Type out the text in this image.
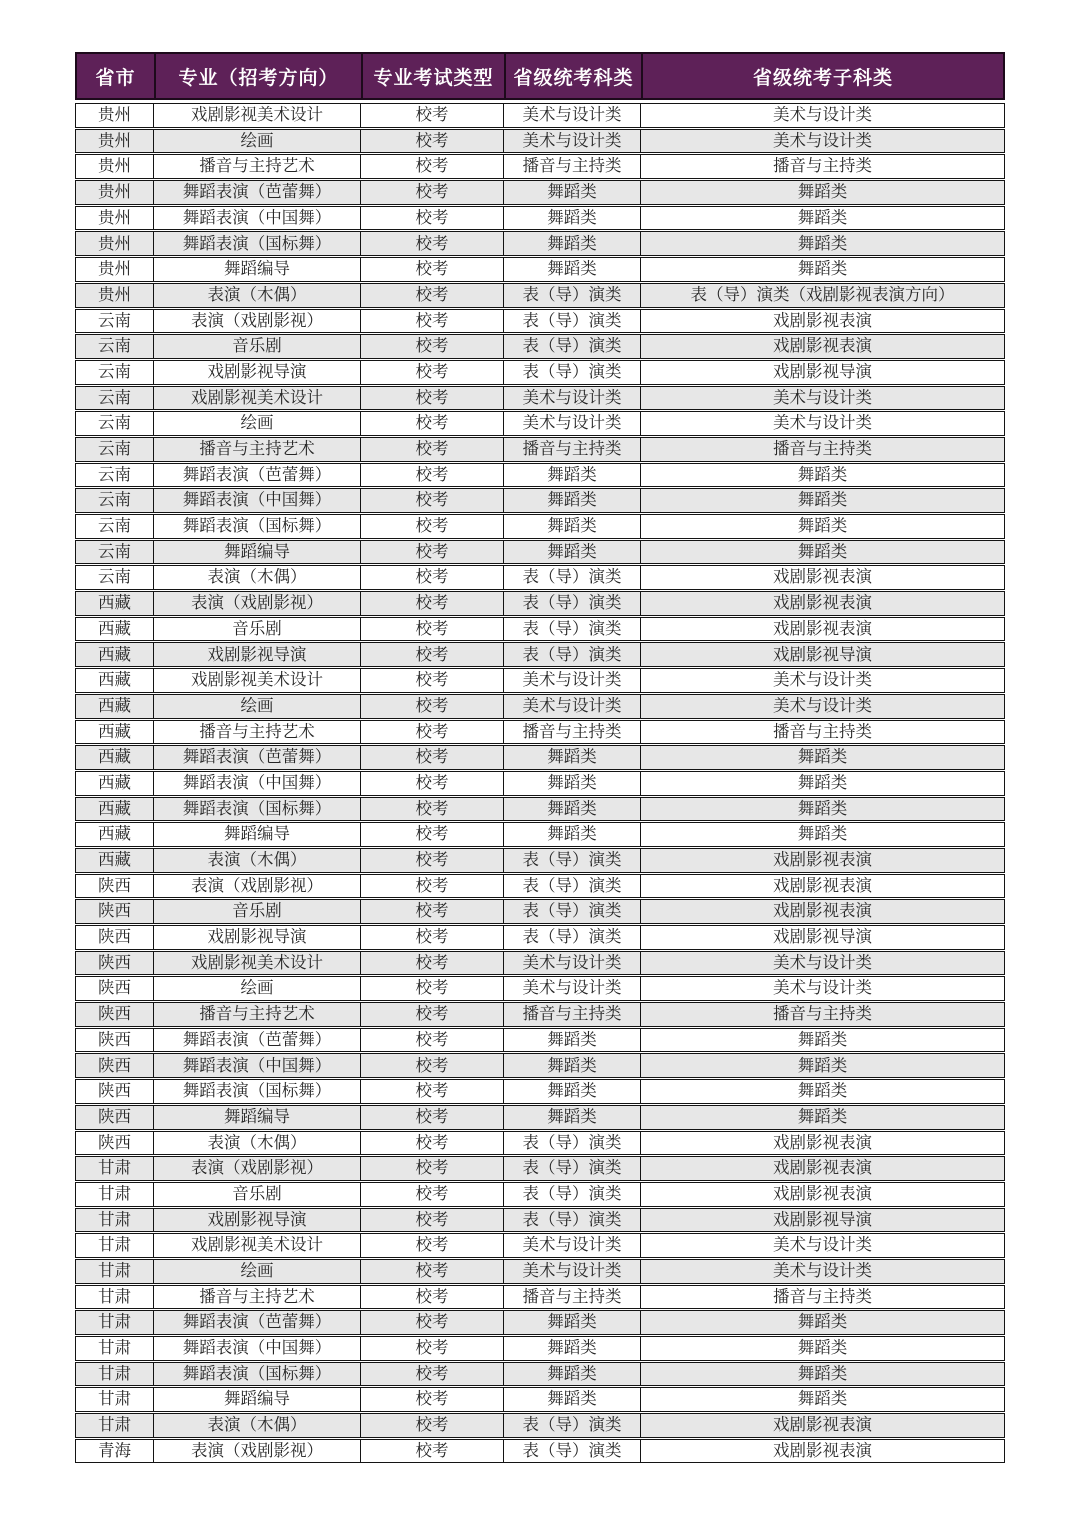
省市	专业（招考方向）	专业考试类型	省级统考科类	省级统考子科类
贵州	戏剧影视美术设计	校考	美术与设计类	美术与设计类
贵州	绘画	校考	美术与设计类	美术与设计类
贵州	播音与主持艺术	校考	播音与主持类	播音与主持类
贵州	舞蹈表演（芭蕾舞）	校考	舞蹈类	舞蹈类
贵州	舞蹈表演（中国舞）	校考	舞蹈类	舞蹈类
贵州	舞蹈表演（国标舞）	校考	舞蹈类	舞蹈类
贵州	舞蹈编导	校考	舞蹈类	舞蹈类
贵州	表演（木偶）	校考	表（导）演类	表（导）演类（戏剧影视表演方向）
云南	表演（戏剧影视）	校考	表（导）演类	戏剧影视表演
云南	音乐剧	校考	表（导）演类	戏剧影视表演
云南	戏剧影视导演	校考	表（导）演类	戏剧影视导演
云南	戏剧影视美术设计	校考	美术与设计类	美术与设计类
云南	绘画	校考	美术与设计类	美术与设计类
云南	播音与主持艺术	校考	播音与主持类	播音与主持类
云南	舞蹈表演（芭蕾舞）	校考	舞蹈类	舞蹈类
云南	舞蹈表演（中国舞）	校考	舞蹈类	舞蹈类
云南	舞蹈表演（国标舞）	校考	舞蹈类	舞蹈类
云南	舞蹈编导	校考	舞蹈类	舞蹈类
云南	表演（木偶）	校考	表（导）演类	戏剧影视表演
西藏	表演（戏剧影视）	校考	表（导）演类	戏剧影视表演
西藏	音乐剧	校考	表（导）演类	戏剧影视表演
西藏	戏剧影视导演	校考	表（导）演类	戏剧影视导演
西藏	戏剧影视美术设计	校考	美术与设计类	美术与设计类
西藏	绘画	校考	美术与设计类	美术与设计类
西藏	播音与主持艺术	校考	播音与主持类	播音与主持类
西藏	舞蹈表演（芭蕾舞）	校考	舞蹈类	舞蹈类
西藏	舞蹈表演（中国舞）	校考	舞蹈类	舞蹈类
西藏	舞蹈表演（国标舞）	校考	舞蹈类	舞蹈类
西藏	舞蹈编导	校考	舞蹈类	舞蹈类
西藏	表演（木偶）	校考	表（导）演类	戏剧影视表演
陕西	表演（戏剧影视）	校考	表（导）演类	戏剧影视表演
陕西	音乐剧	校考	表（导）演类	戏剧影视表演
陕西	戏剧影视导演	校考	表（导）演类	戏剧影视导演
陕西	戏剧影视美术设计	校考	美术与设计类	美术与设计类
陕西	绘画	校考	美术与设计类	美术与设计类
陕西	播音与主持艺术	校考	播音与主持类	播音与主持类
陕西	舞蹈表演（芭蕾舞）	校考	舞蹈类	舞蹈类
陕西	舞蹈表演（中国舞）	校考	舞蹈类	舞蹈类
陕西	舞蹈表演（国标舞）	校考	舞蹈类	舞蹈类
陕西	舞蹈编导	校考	舞蹈类	舞蹈类
陕西	表演（木偶）	校考	表（导）演类	戏剧影视表演
甘肃	表演（戏剧影视）	校考	表（导）演类	戏剧影视表演
甘肃	音乐剧	校考	表（导）演类	戏剧影视表演
甘肃	戏剧影视导演	校考	表（导）演类	戏剧影视导演
甘肃	戏剧影视美术设计	校考	美术与设计类	美术与设计类
甘肃	绘画	校考	美术与设计类	美术与设计类
甘肃	播音与主持艺术	校考	播音与主持类	播音与主持类
甘肃	舞蹈表演（芭蕾舞）	校考	舞蹈类	舞蹈类
甘肃	舞蹈表演（中国舞）	校考	舞蹈类	舞蹈类
甘肃	舞蹈表演（国标舞）	校考	舞蹈类	舞蹈类
甘肃	舞蹈编导	校考	舞蹈类	舞蹈类
甘肃	表演（木偶）	校考	表（导）演类	戏剧影视表演
青海	表演（戏剧影视）	校考	表（导）演类	戏剧影视表演
